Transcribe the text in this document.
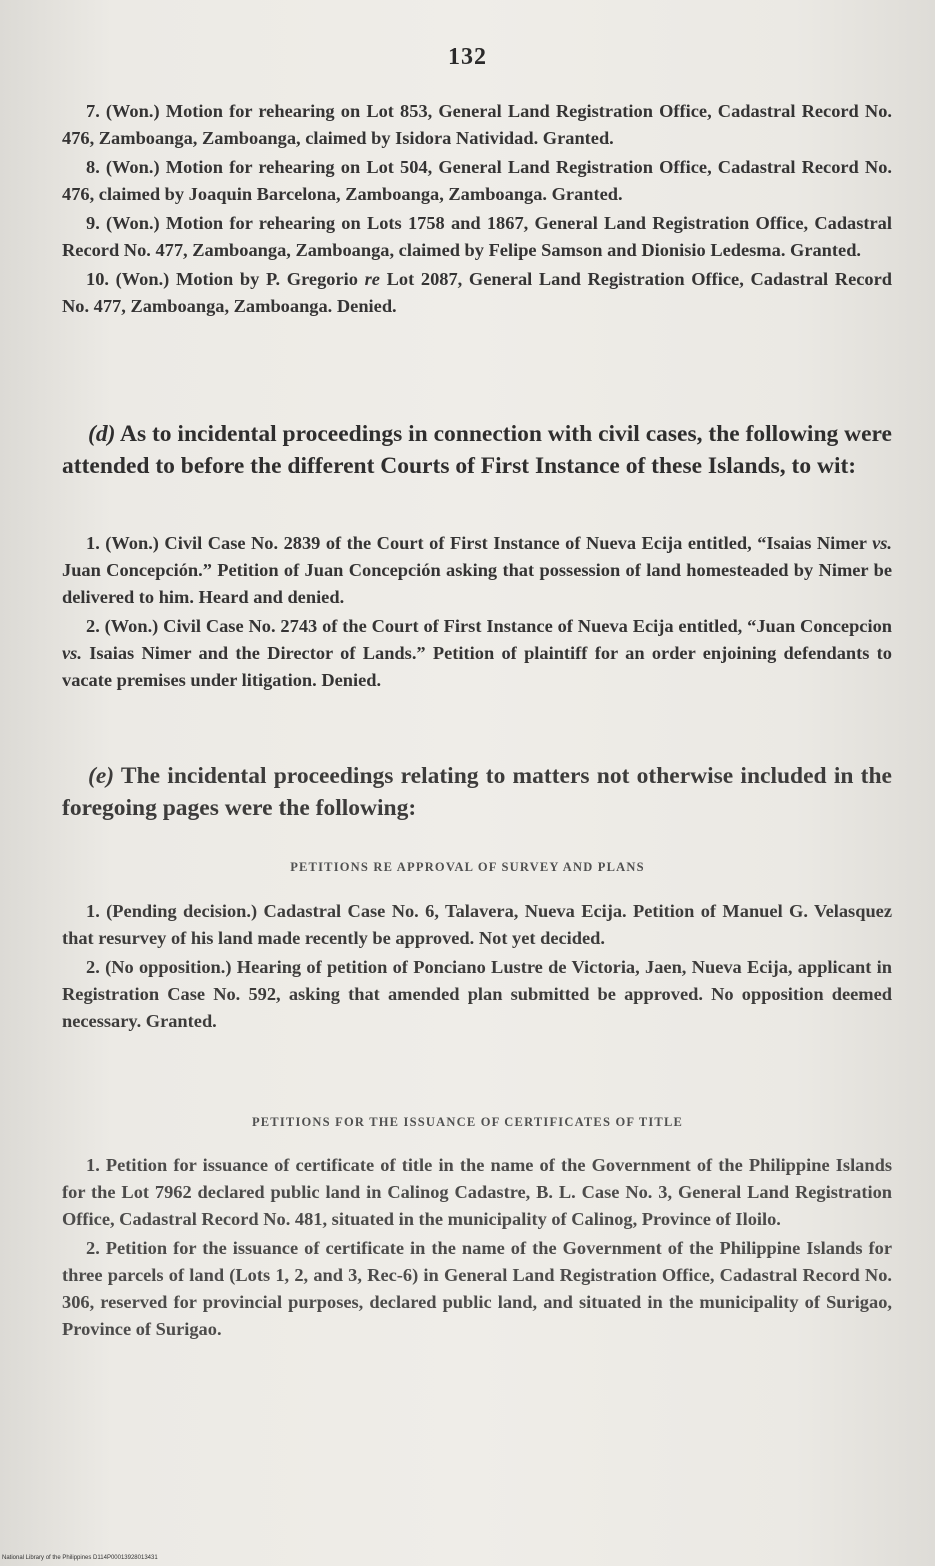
132

7. (Won.) Motion for rehearing on Lot 853, General Land Registration Office, Cadastral Record No. 476, Zamboanga, Zamboanga, claimed by Isidora Natividad. Granted.

8. (Won.) Motion for rehearing on Lot 504, General Land Registration Office, Cadastral Record No. 476, claimed by Joaquin Barcelona, Zamboanga, Zamboanga. Granted.

9. (Won.) Motion for rehearing on Lots 1758 and 1867, General Land Registration Office, Cadastral Record No. 477, Zamboanga, Zamboanga, claimed by Felipe Samson and Dionisio Ledesma. Granted.

10. (Won.) Motion by P. Gregorio re Lot 2087, General Land Registration Office, Cadastral Record No. 477, Zamboanga, Zamboanga. Denied.

(d) As to incidental proceedings in connection with civil cases, the following were attended to before the different Courts of First Instance of these Islands, to wit:

1. (Won.) Civil Case No. 2839 of the Court of First Instance of Nueva Ecija entitled, “Isaias Nimer vs. Juan Concepción.” Petition of Juan Concepción asking that possession of land homesteaded by Nimer be delivered to him. Heard and denied.

2. (Won.) Civil Case No. 2743 of the Court of First Instance of Nueva Ecija entitled, “Juan Concepcion vs. Isaias Nimer and the Director of Lands.” Petition of plaintiff for an order enjoining defendants to vacate premises under litigation. Denied.

(e) The incidental proceedings relating to matters not otherwise included in the foregoing pages were the following:

PETITIONS RE APPROVAL OF SURVEY AND PLANS

1. (Pending decision.) Cadastral Case No. 6, Talavera, Nueva Ecija. Petition of Manuel G. Velasquez that resurvey of his land made recently be approved. Not yet decided.

2. (No opposition.) Hearing of petition of Ponciano Lustre de Victoria, Jaen, Nueva Ecija, applicant in Registration Case No. 592, asking that amended plan submitted be approved. No opposition deemed necessary. Granted.

PETITIONS FOR THE ISSUANCE OF CERTIFICATES OF TITLE

1. Petition for issuance of certificate of title in the name of the Government of the Philippine Islands for the Lot 7962 declared public land in Calinog Cadastre, B. L. Case No. 3, General Land Registration Office, Cadastral Record No. 481, situated in the municipality of Calinog, Province of Iloilo.

2. Petition for the issuance of certificate in the name of the Government of the Philippine Islands for three parcels of land (Lots 1, 2, and 3, Rec-6) in General Land Registration Office, Cadastral Record No. 306, reserved for provincial purposes, declared public land, and situated in the municipality of Surigao, Province of Surigao.

National Library of the Philippines D114P00013928013431
